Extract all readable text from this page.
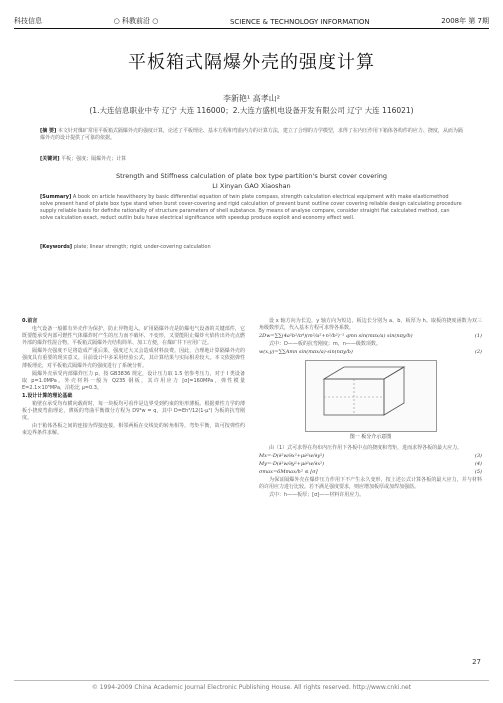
科技信息	○ 科教前沿 ○	SCIENCE & TECHNOLOGY INFORMATION	2008年 第 7期
平板箱式隔爆外壳的强度计算
李新艳¹ 高孝山²
(1.大连信息职业中专 辽宁 大连 116000；2.大连方盛机电设备开发有限公司 辽宁 大连 116021)
[摘 要] 本文针对煤矿常用平板箱式隔爆外壳的强度计算，论述了平板理论、基本方程和弯曲内力的计算方法，建立了合理的力学模型，求得了在内压作用下箱体各构件的应力、挠度，从而为隔爆外壳的设计提供了可靠的依据。
[关键词] 平板；强度；隔爆外壳；计算
Strength and Stiffness calculation of plate box type partition's burst cover covering
LI Xinyan GAO Xiaoshan
[Summary] A book on article heavitheory by basic differential equation of twin plate compass, strength calculation electrical equipment with make elasticmethod solve present hand of plate box type stand when burst cover-covering and rigid calculation of prevent burst outline cover covering reliable design calculating procedure supply reliable basis for definite rationality of structure parameters of shell substance. By means of analyse compare, consider straight flat calculated method, can solve calculation exact, reduct outlin bulu have electrical significance with speedup produce exploit and economy effect well.
[Keywords] plate; linear strength; rigid; under-covering calculation

0.前言

电气设备一般都有外壳作为保护，防止异物进入。矿用隔爆外壳是防爆电气设备的关键部件，它既要能承受内部可燃性气体爆炸时产生的压力而不破坏、不变形，又要能阻止爆炸火焰传出外壳点燃外部的爆炸性混合物。平板箱式隔爆外壳结构简单、加工方便，在煤矿井下应用广泛。

隔爆外壳强度不足将造成严重后果，强度过大又会造成材料浪费。因此，合理地计算隔爆外壳的强度具有重要的现实意义。目前设计中多采用经验公式，其计算结果与实际相差较大。本文依据弹性薄板理论，对平板箱式隔爆外壳的强度进行了系统分析。

隔爆外壳承受内部爆炸压力 p，按 GB3836 规定，设计压力取 1.5 倍参考压力，对于 I 类设备取 p=1.0MPa。外壳材料一般为 Q235 钢板，其许用应力 [σ]=160MPa，弹性模量 E=2.1×10⁵MPa，泊松比 μ=0.3。

1.设计计算的理论基础

箱壁在承受均布横向载荷时，每一块板均可看作是边界受到约束的矩形薄板。根据弹性力学的薄板小挠度弯曲理论，薄板的弯曲平衡微分方程为 D∇⁴w = q，其中 D=Eh³/12(1-μ²) 为板的抗弯刚度。

由于箱体各板之间的连接为焊接连接，相邻两板在交线处的转角相等，弯矩平衡，故可按弹性约束边界条件求解。

设 x 轴方向为长边，y 轴方向为短边，板边长分别为 a、b，板厚为 h。取板的挠度函数为双三角级数形式，代入基本方程可求得各系数。

2Dw=∑∑(4a²b²/π⁴)(m²/a²+n²/b²)⁻² qmn sin(mπx/a) sin(nπy/b)	(1)

式中：D——板的抗弯刚度；m，n——级数项数。

w(x,y)=∑∑Amn sin(mπx/a)·sin(nπy/b)	(2)

图一 板分介示意图

由（1）式可求得在均布内压作用下各板中点的挠度和弯矩，进而求得各板的最大应力。

Mx=-D(∂²w/∂x²+μ∂²w/∂y²)	(3)

My=-D(∂²w/∂y²+μ∂²w/∂x²)	(4)

σmax=6Mmax/h² ≤ [σ]	(5)

为保证隔爆外壳在爆炸压力作用下不产生永久变形，按上述公式计算各板的最大应力，并与材料的许用应力进行比较。若不满足强度要求，则应增加板厚或加焊加强筋。

式中：h——板厚；[σ]——材料许用应力。

27
© 1994-2009 China Academic Journal Electronic Publishing House. All rights reserved. http://www.cnki.net
